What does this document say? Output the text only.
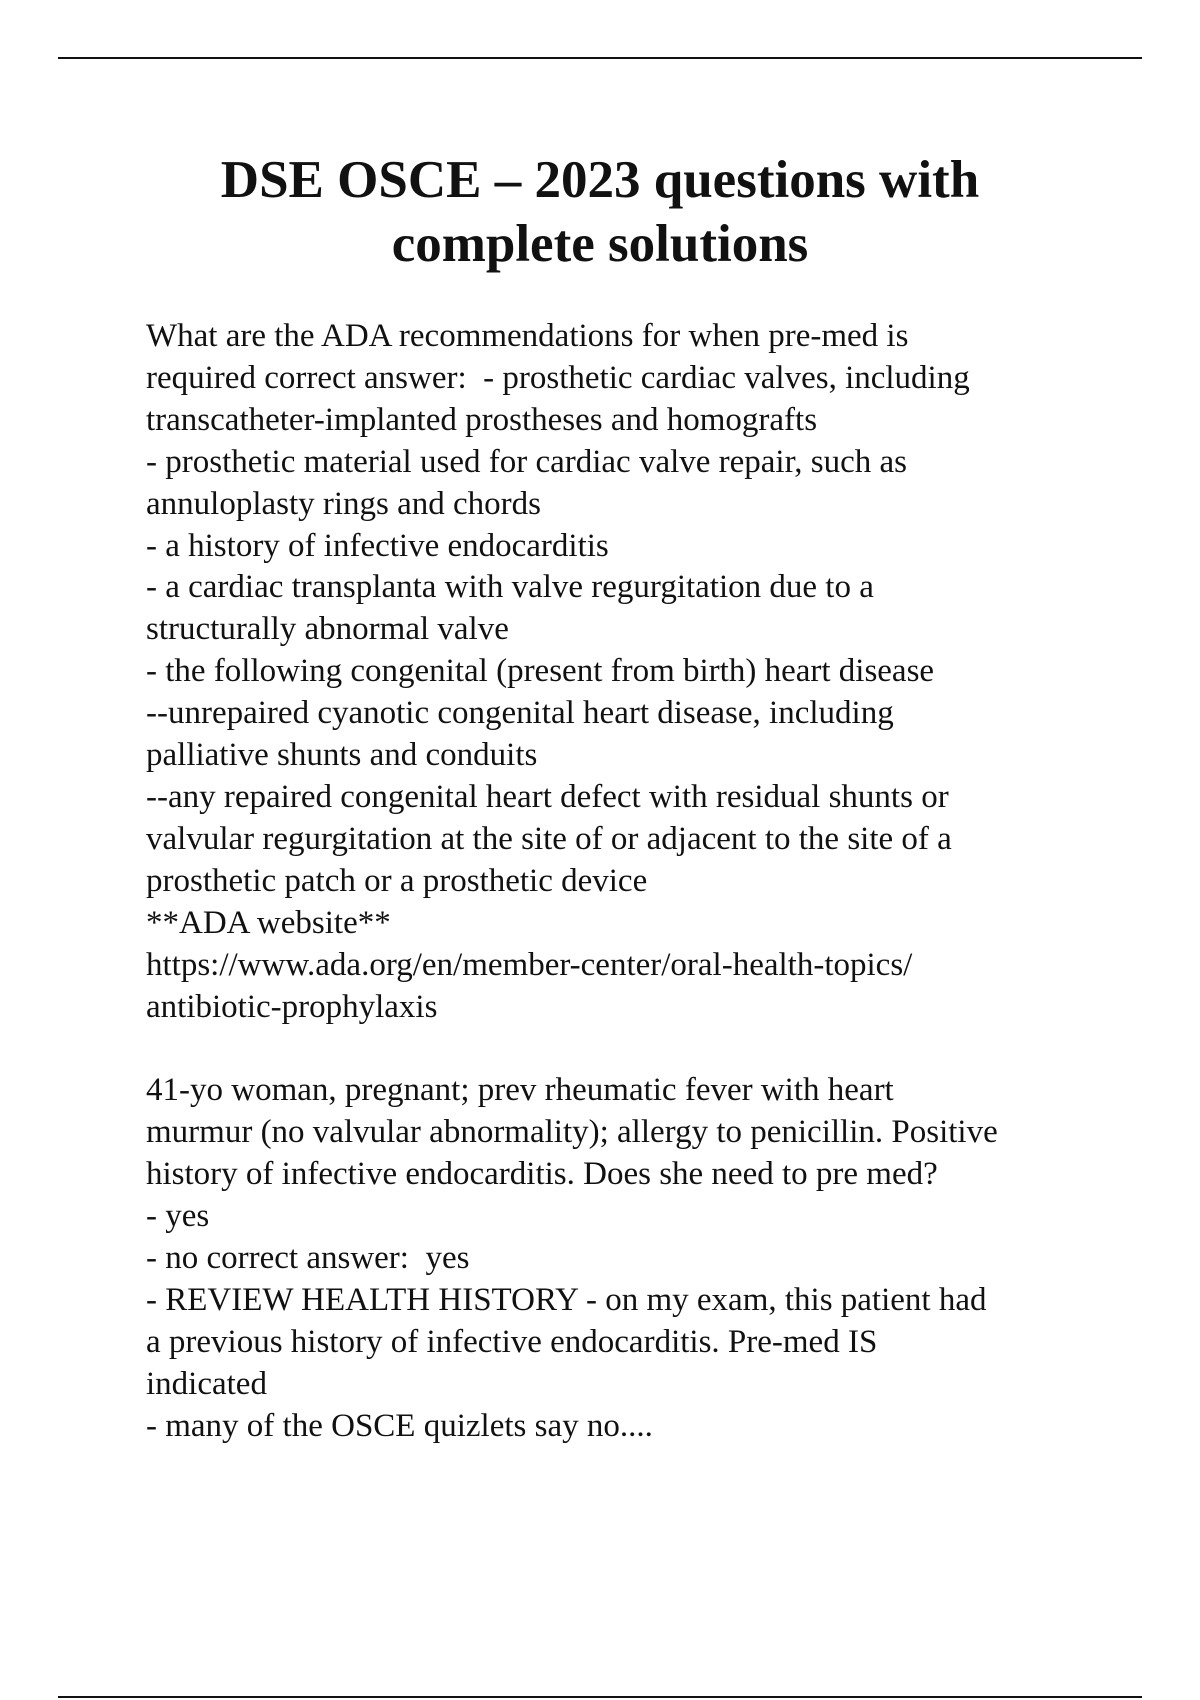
DSE OSCE – 2023 questions with
complete solutions
What are the ADA recommendations for when pre-med is
required correct answer:  - prosthetic cardiac valves, including
transcatheter-implanted prostheses and homografts
- prosthetic material used for cardiac valve repair, such as
annuloplasty rings and chords
- a history of infective endocarditis
- a cardiac transplanta with valve regurgitation due to a
structurally abnormal valve
- the following congenital (present from birth) heart disease
--unrepaired cyanotic congenital heart disease, including
palliative shunts and conduits
--any repaired congenital heart defect with residual shunts or
valvular regurgitation at the site of or adjacent to the site of a
prosthetic patch or a prosthetic device
**ADA website**
https://www.ada.org/en/member-center/oral-health-topics/
antibiotic-prophylaxis
41-yo woman, pregnant; prev rheumatic fever with heart
murmur (no valvular abnormality); allergy to penicillin. Positive
history of infective endocarditis. Does she need to pre med?
- yes
- no correct answer:  yes
- REVIEW HEALTH HISTORY - on my exam, this patient had
a previous history of infective endocarditis. Pre-med IS
indicated
- many of the OSCE quizlets say no....
